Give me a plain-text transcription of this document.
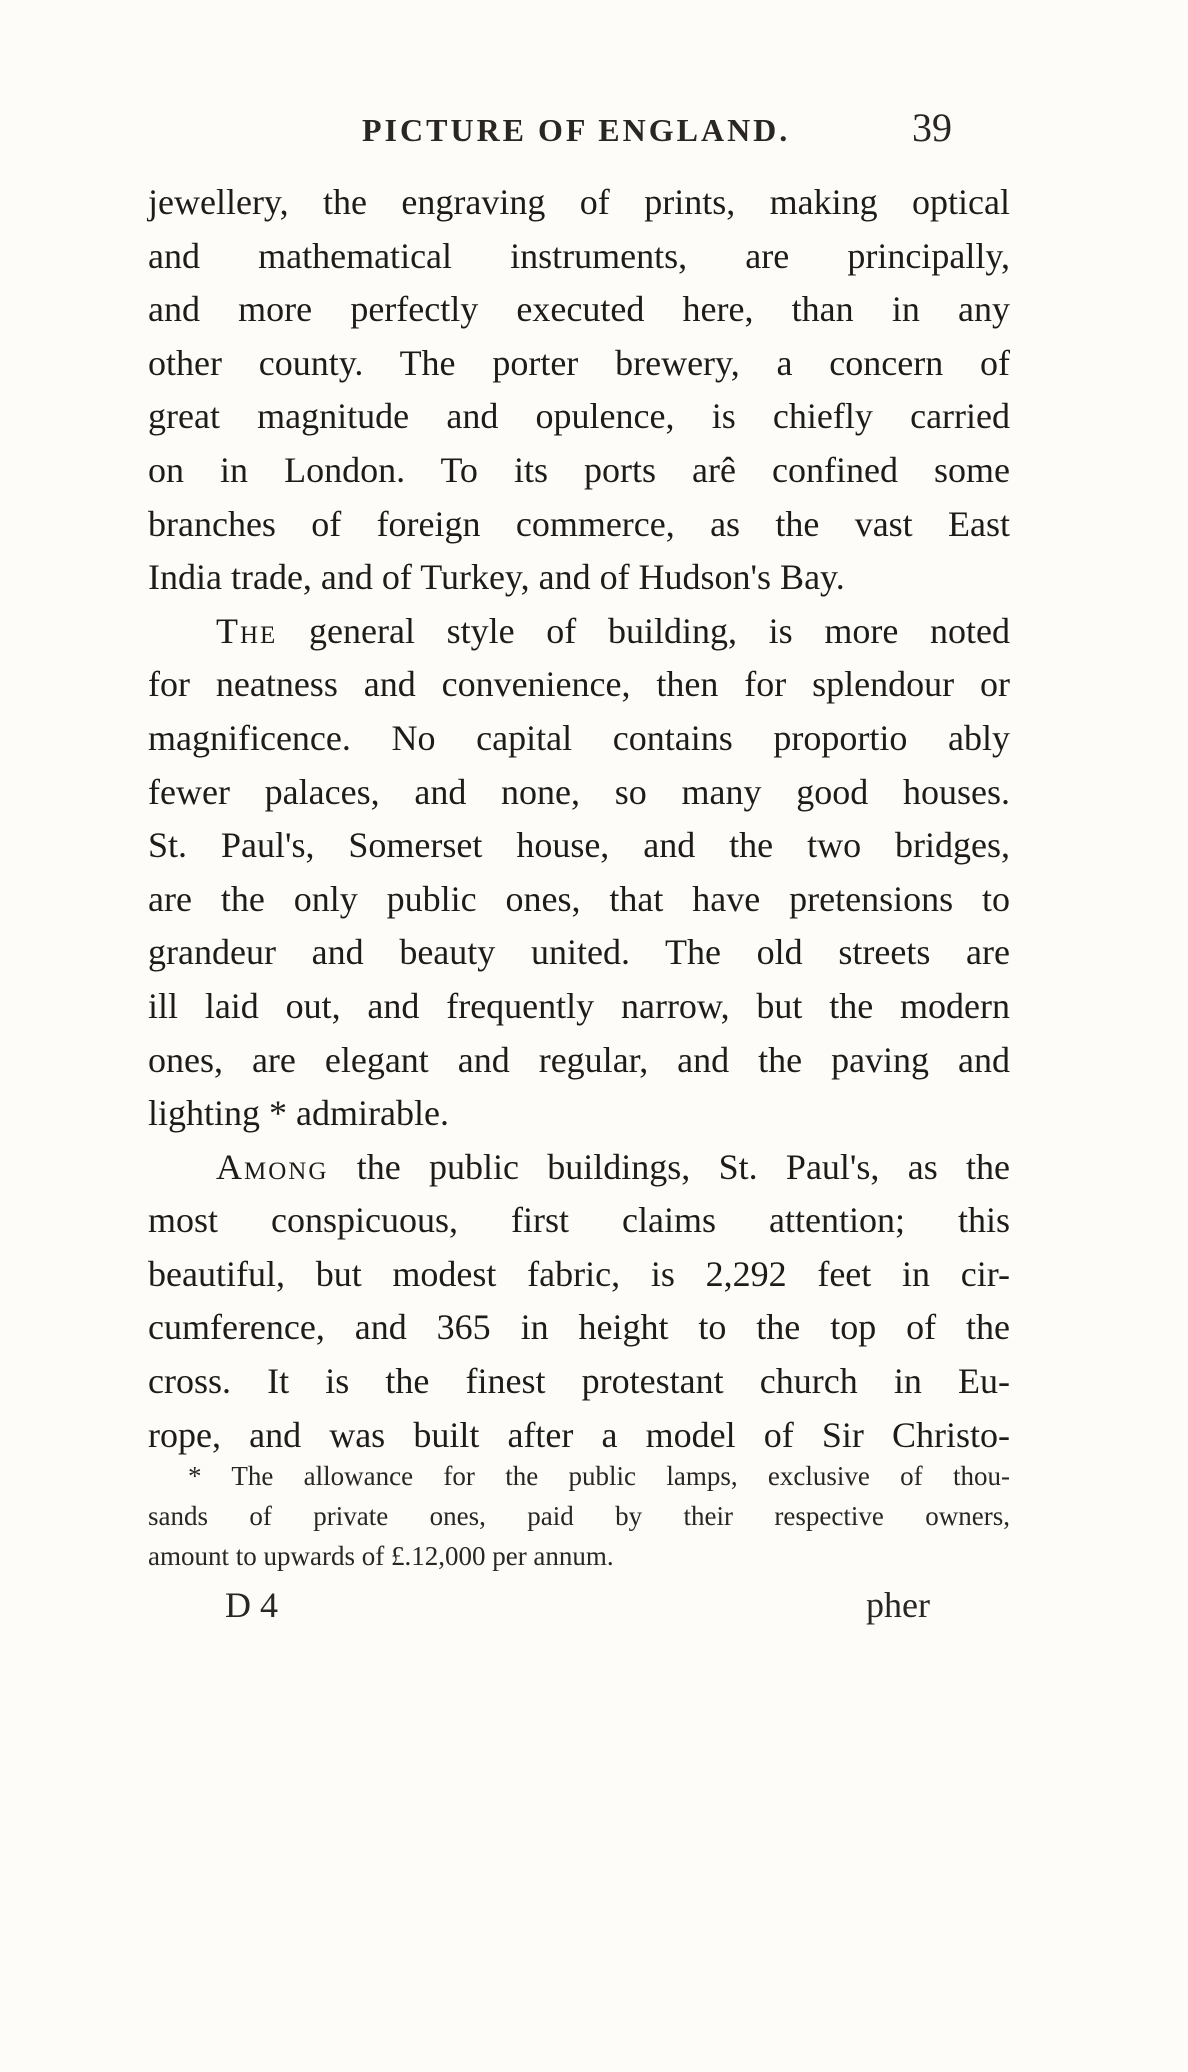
PICTURE OF ENGLAND.	39
jewellery, the engraving of prints, making optical
and mathematical instruments, are principally,
and more perfectly executed here, than in any
other county. The porter brewery, a concern of
great magnitude and opulence, is chiefly carried
on in London. To its ports arê confined some
branches of foreign commerce, as the vast East
India trade, and of Turkey, and of Hudson's Bay.
The general style of building, is more noted
for neatness and convenience, then for splendour or
magnificence. No capital contains proportio ably
fewer palaces, and none, so many good houses.
St. Paul's, Somerset house, and the two bridges,
are the only public ones, that have pretensions to
grandeur and beauty united. The old streets are
ill laid out, and frequently narrow, but the modern
ones, are elegant and regular, and the paving and
lighting * admirable.
Among the public buildings, St. Paul's, as the
most conspicuous, first claims attention; this
beautiful, but modest fabric, is 2,292 feet in cir-
cumference, and 365 in height to the top of the
cross. It is the finest protestant church in Eu-
rope, and was built after a model of Sir Christo-
* The allowance for the public lamps, exclusive of thou-
sands of private ones, paid by their respective owners,
amount to upwards of £.12,000 per annum.
D 4	pher
